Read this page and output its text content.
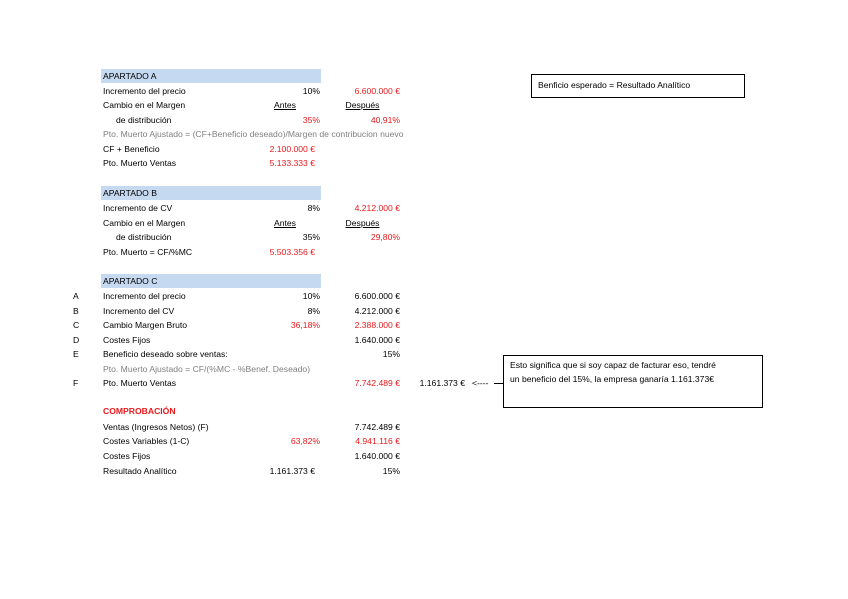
APARTADO A
Incremento del precio	10%	6.600.000 €
Cambio en el Margen	Antes	Después
de distribución	35%	40,91%
Pto. Muerto Ajustado = (CF+Beneficio deseado)/Margen de contribucion nuevo
CF + Beneficio	2.100.000 €
Pto. Muerto Ventas	5.133.333 €
APARTADO B
Incremento de CV	8%	4.212.000 €
Cambio en el Margen	Antes	Después
de distribución	35%	29,80%
Pto. Muerto = CF/%MC	5.503.356 €
APARTADO C
A	Incremento del precio	10%	6.600.000 €
B	Incremento del CV	8%	4.212.000 €
C	Cambio Margen Bruto	36,18%	2.388.000 €
D	Costes Fijos	1.640.000 €
E	Beneficio deseado sobre ventas:	15%
Pto. Muerto Ajustado = CF/(%MC - %Benef. Deseado)
F	Pto. Muerto Ventas	7.742.489 €	1.161.373 € <----
COMPROBACIÓN
Ventas (Ingresos Netos) (F)	7.742.489 €
Costes Variables (1-C)	63,82%	4.941.116 €
Costes Fijos	1.640.000 €
Resultado Analítico	1.161.373 €	15%
Benficio esperado = Resultado Analítico
Esto significa que si soy capaz de facturar eso, tendré
un beneficio del 15%, la empresa ganaría 1.161.373€
